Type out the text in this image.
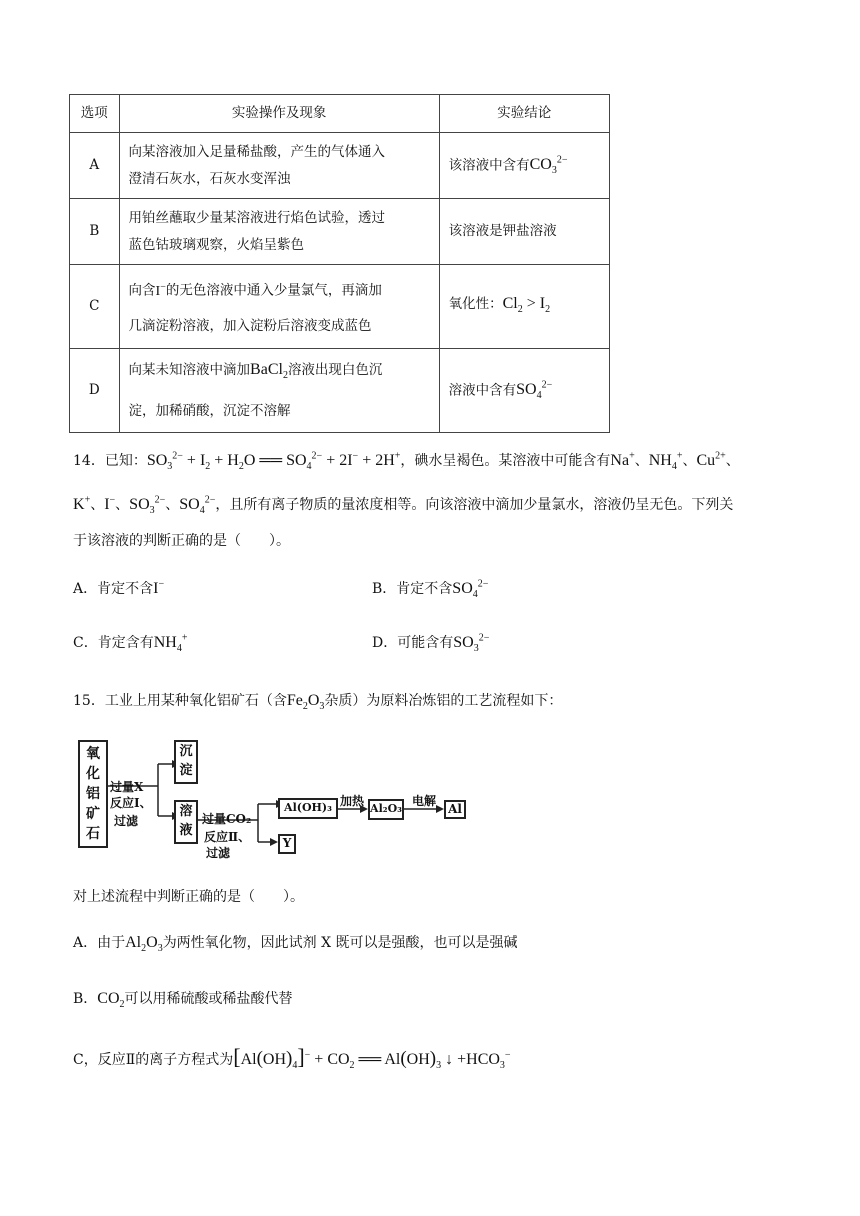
选项	实验操作及现象	实验结论
A	向某溶液加入足量稀盐酸，产生的气体通入
澄清石灰水，石灰水变浑浊	该溶液中含有$CO_3^{2-}$
B	用铂丝蘸取少量某溶液进行焰色试验，透过
蓝色钴玻璃观察，火焰呈紫色	该溶液是钾盐溶液
C	向含I−的无色溶液中通入少量氯气，再滴加
几滴淀粉溶液，加入淀粉后溶液变成蓝色	氧化性：$Cl_2 > I_2$
D	向某未知溶液中滴加BaCl$_2$溶液出现白色沉
淀，加稀硝酸，沉淀不溶解	溶液中含有$SO_4^{2-}$
14．已知：$SO_3^{2-} + I_2 + H_2O$ ══ $SO_4^{2-} + 2I^- + 2H^+$，碘水呈褐色。某溶液中可能含有Na+、$NH_4^+$、$Cu^{2+}$、
K+、I−、$SO_3^{2-}$、$SO_4^{2-}$，且所有离子物质的量浓度相等。向该溶液中滴加少量氯水，溶液仍呈无色。下列关
于该溶液的判断正确的是（　　）。
A．肯定不含I−	B．肯定不含$SO_4^{2-}$
C．肯定含有$NH_4^+$	D．可能含有$SO_3^{2-}$
15．工业上用某种氧化铝矿石（含$Fe_2O_3$杂质）为原料冶炼铝的工艺流程如下：
氧
化
铝
矿
石
过量X
反应Ⅰ、
过滤
沉
淀
溶
液
过量CO₂
反应Ⅱ、
过滤
Al(OH)₃ 加热
Al₂O₃
电解
Al
Y
对上述流程中判断正确的是（　　）。
A．由于$Al_2O_3$为两性氧化物，因此试剂 X 既可以是强酸，也可以是强碱
B．$CO_2$可以用稀硫酸或稀盐酸代替
C，反应Ⅱ的离子方程式为$[Al(OH)_4]^- + CO_2$ ══ $Al(OH)_3$ ↓ $+HCO_3^-$
